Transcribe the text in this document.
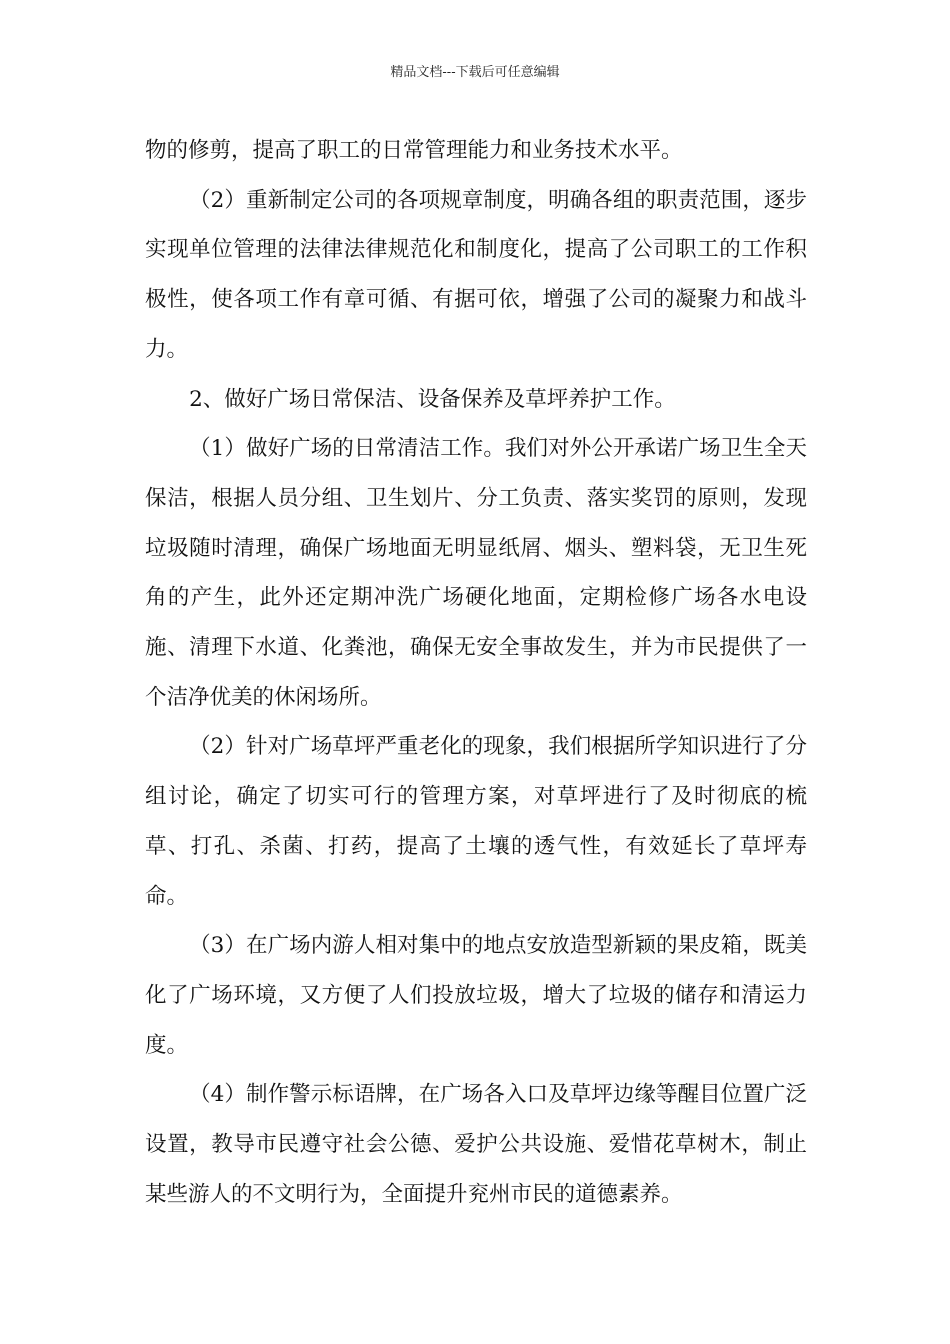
精品文档---下载后可任意编辑

物的修剪，提高了职工的日常管理能力和业务技术水平。

（2）重新制定公司的各项规章制度，明确各组的职责范围，逐步实现单位管理的法律法律规范化和制度化，提高了公司职工的工作积极性，使各项工作有章可循、有据可依，增强了公司的凝聚力和战斗力。

2、做好广场日常保洁、设备保养及草坪养护工作。

（1）做好广场的日常清洁工作。我们对外公开承诺广场卫生全天保洁，根据人员分组、卫生划片、分工负责、落实奖罚的原则，发现垃圾随时清理，确保广场地面无明显纸屑、烟头、塑料袋，无卫生死角的产生，此外还定期冲洗广场硬化地面，定期检修广场各水电设施、清理下水道、化粪池，确保无安全事故发生，并为市民提供了一个洁净优美的休闲场所。

（2）针对广场草坪严重老化的现象，我们根据所学知识进行了分组讨论，确定了切实可行的管理方案，对草坪进行了及时彻底的梳草、打孔、杀菌、打药，提高了土壤的透气性，有效延长了草坪寿命。

（3）在广场内游人相对集中的地点安放造型新颖的果皮箱，既美化了广场环境，又方便了人们投放垃圾，增大了垃圾的储存和清运力度。

（4）制作警示标语牌，在广场各入口及草坪边缘等醒目位置广泛设置，教导市民遵守社会公德、爱护公共设施、爱惜花草树木，制止某些游人的不文明行为，全面提升兖州市民的道德素养。
